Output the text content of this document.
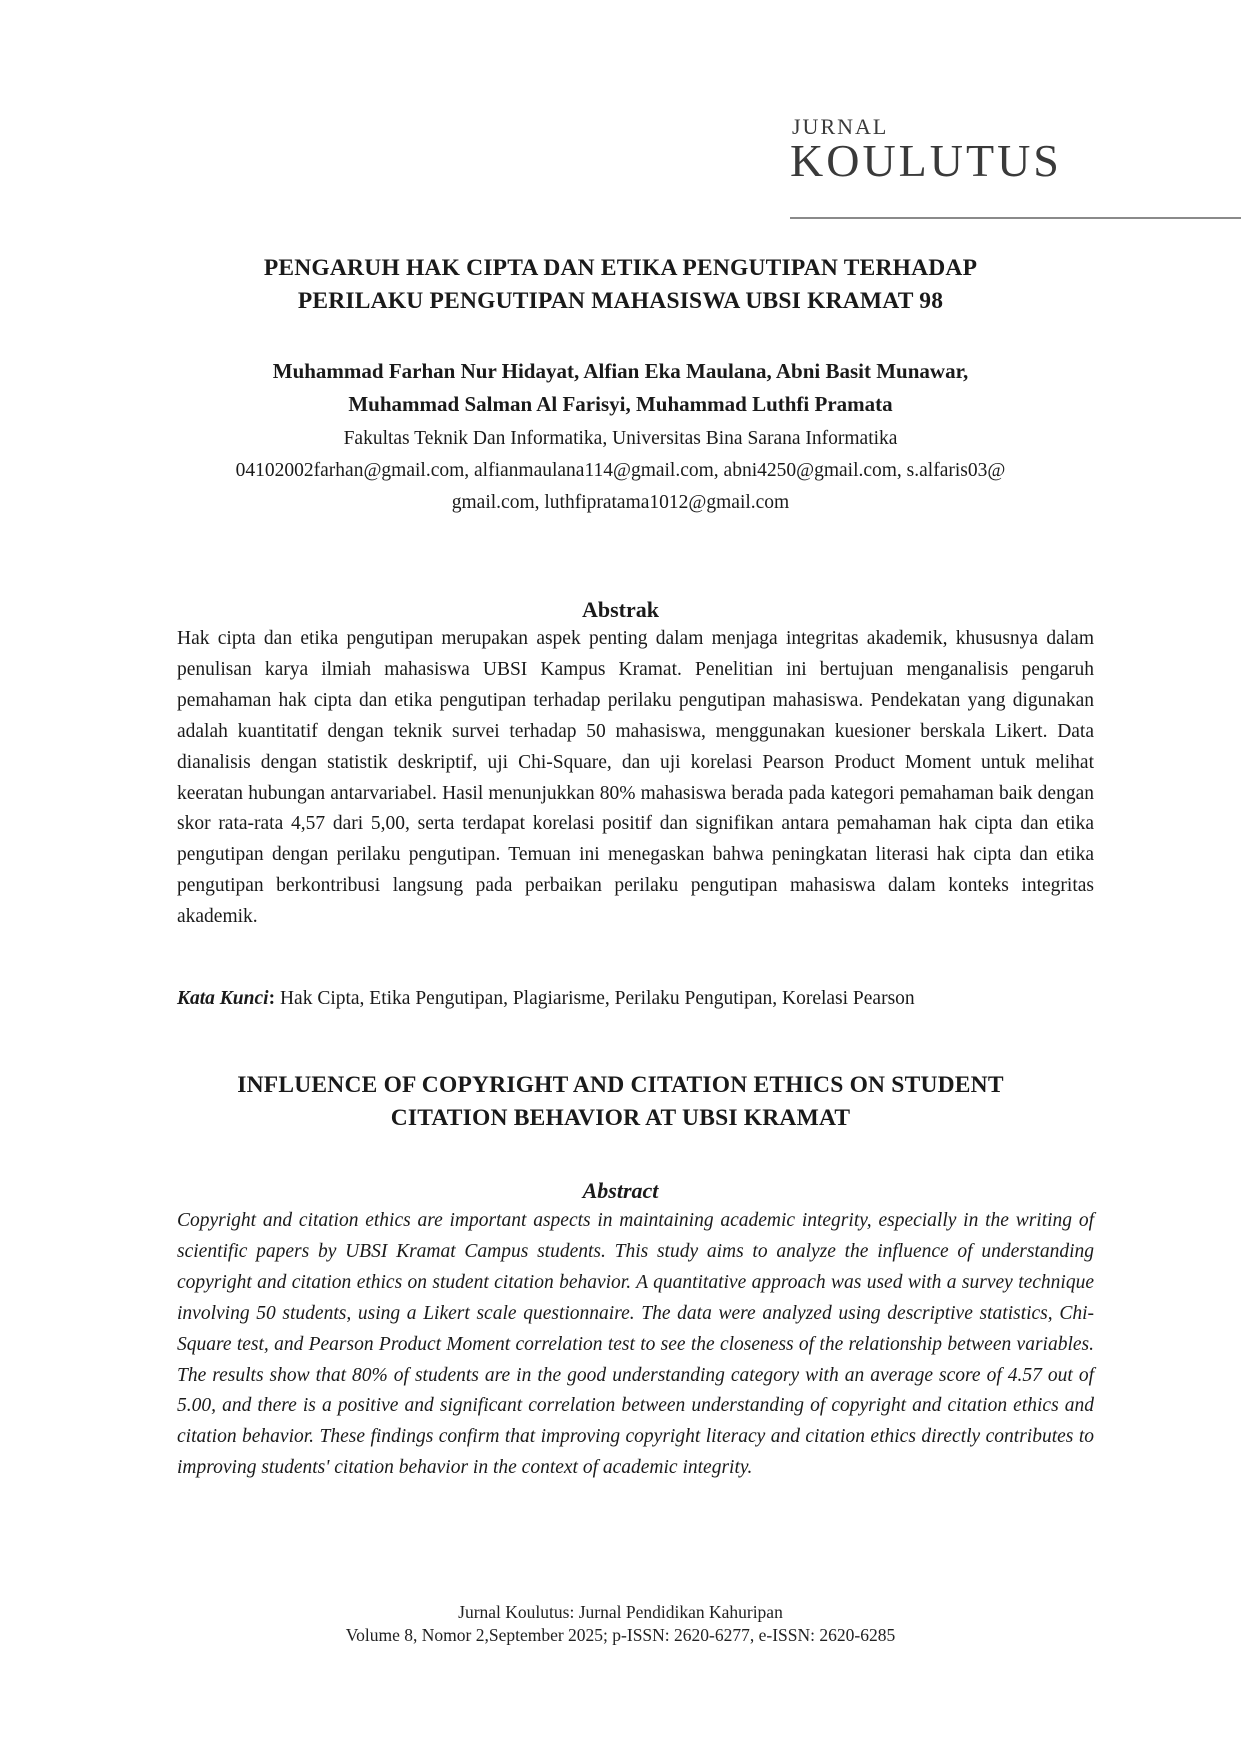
JURNAL
KOULUTUS
PENGARUH HAK CIPTA DAN ETIKA PENGUTIPAN TERHADAP
PERILAKU PENGUTIPAN MAHASISWA UBSI KRAMAT 98
Muhammad Farhan Nur Hidayat, Alfian Eka Maulana, Abni Basit Munawar,
Muhammad Salman Al Farisyi, Muhammad Luthfi Pramata
Fakultas Teknik Dan Informatika, Universitas Bina Sarana Informatika
04102002farhan@gmail.com, alfianmaulana114@gmail.com, abni4250@gmail.com, s.alfaris03@
gmail.com, luthfipratama1012@gmail.com
Abstrak
Hak cipta dan etika pengutipan merupakan aspek penting dalam menjaga integritas akademik, khususnya dalam penulisan karya ilmiah mahasiswa UBSI Kampus Kramat. Penelitian ini bertujuan menganalisis pengaruh pemahaman hak cipta dan etika pengutipan terhadap perilaku pengutipan mahasiswa. Pendekatan yang digunakan adalah kuantitatif dengan teknik survei terhadap 50 mahasiswa, menggunakan kuesioner berskala Likert. Data dianalisis dengan statistik deskriptif, uji Chi-Square, dan uji korelasi Pearson Product Moment untuk melihat keeratan hubungan antarvariabel. Hasil menunjukkan 80% mahasiswa berada pada kategori pemahaman baik dengan skor rata-rata 4,57 dari 5,00, serta terdapat korelasi positif dan signifikan antara pemahaman hak cipta dan etika pengutipan dengan perilaku pengutipan. Temuan ini menegaskan bahwa peningkatan literasi hak cipta dan etika pengutipan berkontribusi langsung pada perbaikan perilaku pengutipan mahasiswa dalam konteks integritas akademik.
Kata Kunci: Hak Cipta, Etika Pengutipan, Plagiarisme, Perilaku Pengutipan, Korelasi Pearson
INFLUENCE OF COPYRIGHT AND CITATION ETHICS ON STUDENT
CITATION BEHAVIOR AT UBSI KRAMAT
Abstract
Copyright and citation ethics are important aspects in maintaining academic integrity, especially in the writing of scientific papers by UBSI Kramat Campus students. This study aims to analyze the influence of understanding copyright and citation ethics on student citation behavior. A quantitative approach was used with a survey technique involving 50 students, using a Likert scale questionnaire. The data were analyzed using descriptive statistics, Chi-Square test, and Pearson Product Moment correlation test to see the closeness of the relationship between variables. The results show that 80% of students are in the good understanding category with an average score of 4.57 out of 5.00, and there is a positive and significant correlation between understanding of copyright and citation ethics and citation behavior. These findings confirm that improving copyright literacy and citation ethics directly contributes to improving students' citation behavior in the context of academic integrity.
Jurnal Koulutus: Jurnal Pendidikan Kahuripan
Volume 8, Nomor 2,September 2025; p-ISSN: 2620-6277, e-ISSN: 2620-6285
